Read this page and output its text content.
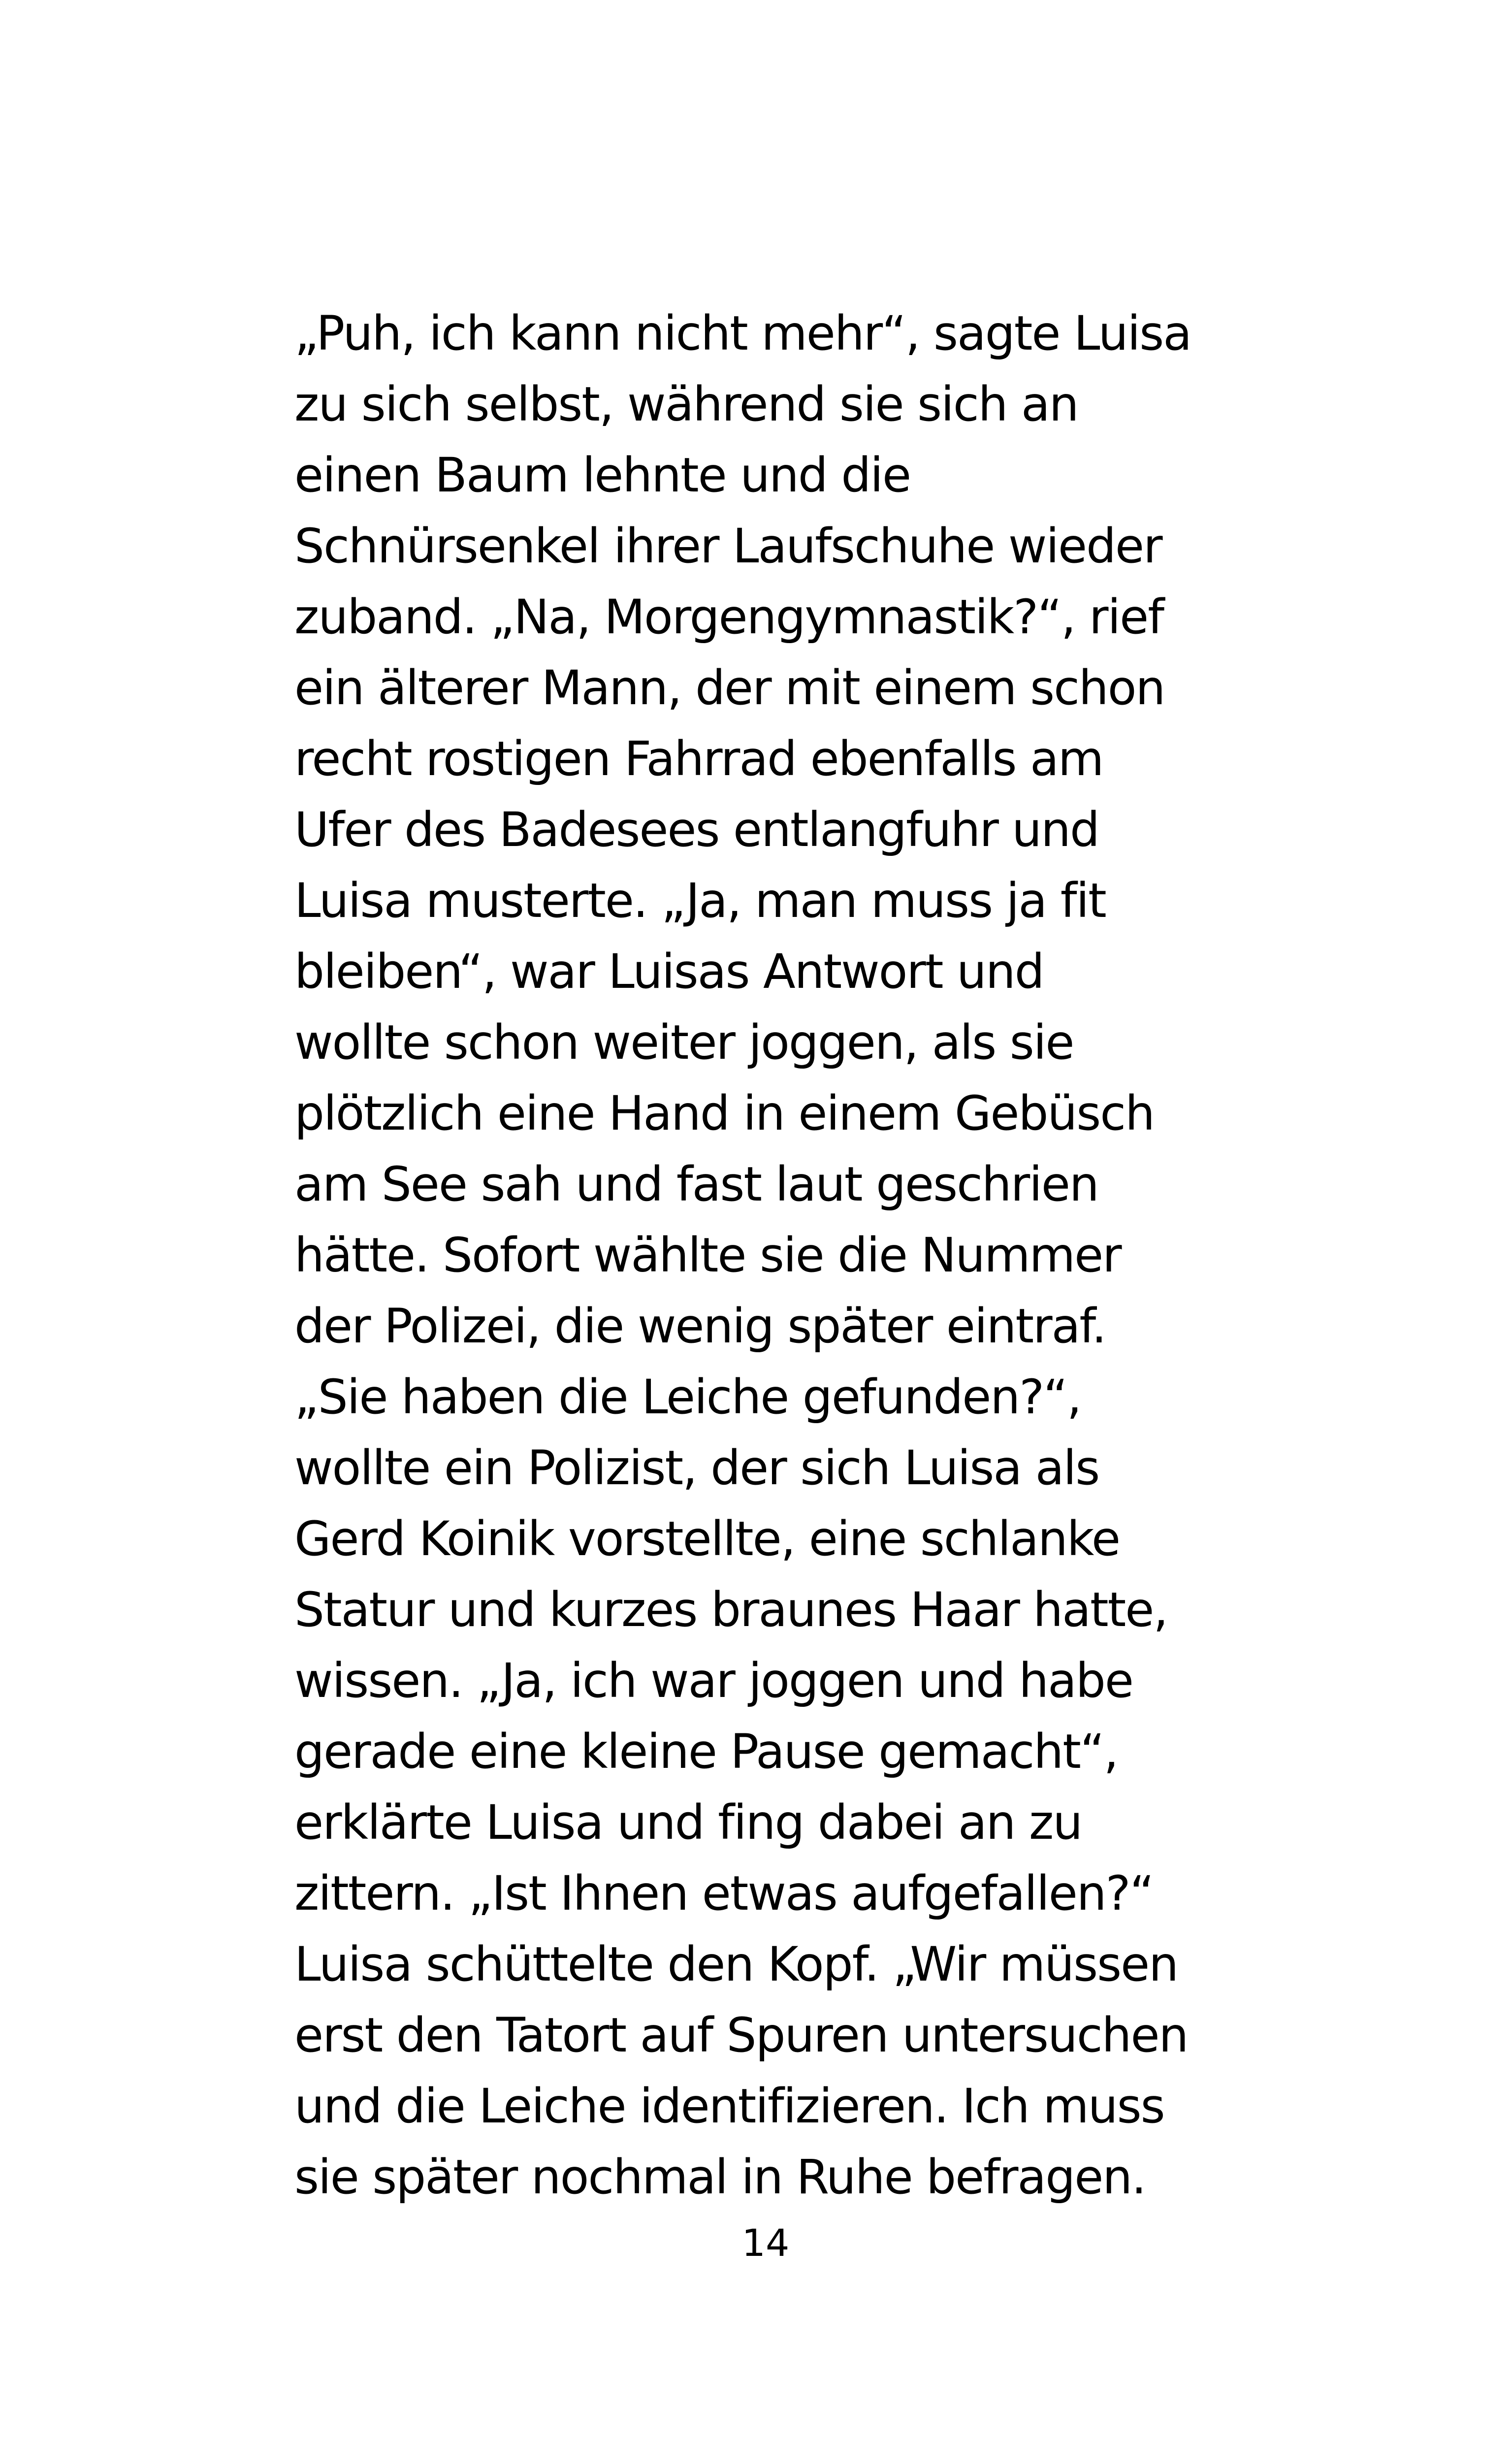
„Puh, ich kann nicht mehr“, sagte Luisa
zu sich selbst, während sie sich an
einen Baum lehnte und die
Schnürsenkel ihrer Laufschuhe wieder
zuband. „Na, Morgengymnastik?“, rief
ein älterer Mann, der mit einem schon
recht rostigen Fahrrad ebenfalls am
Ufer des Badesees entlangfuhr und
Luisa musterte. „Ja, man muss ja fit
bleiben“, war Luisas Antwort und
wollte schon weiter joggen, als sie
plötzlich eine Hand in einem Gebüsch
am See sah und fast laut geschrien
hätte. Sofort wählte sie die Nummer
der Polizei, die wenig später eintraf.
„Sie haben die Leiche gefunden?“,
wollte ein Polizist, der sich Luisa als
Gerd Koinik vorstellte, eine schlanke
Statur und kurzes braunes Haar hatte,
wissen. „Ja, ich war joggen und habe
gerade eine kleine Pause gemacht“,
erklärte Luisa und fing dabei an zu
zittern. „Ist Ihnen etwas aufgefallen?“
Luisa schüttelte den Kopf. „Wir müssen
erst den Tatort auf Spuren untersuchen
und die Leiche identifizieren. Ich muss
sie später nochmal in Ruhe befragen.
14
